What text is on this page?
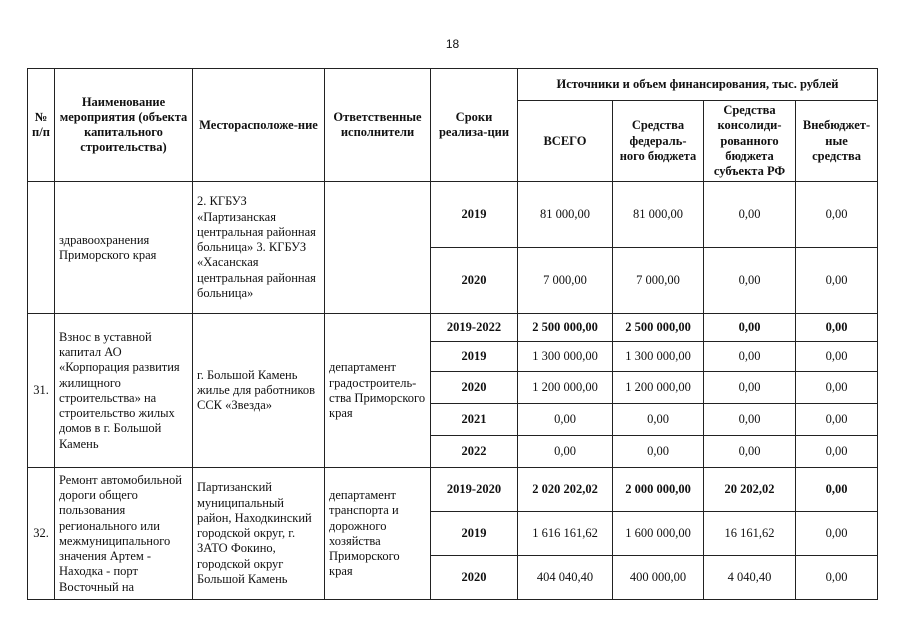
18
№ п/п	Наименование мероприятия (объекта капитального строительства)	Месторасположе-ние	Ответственные исполнители	Сроки реализа-ции	Источники и объем финансирования, тыс. рублей			
					ВСЕГО	Средства федераль-ного бюджета	Средства консолиди-рованного бюджета субъекта РФ	Внебюджет-ные средства
	здравоохранения Приморского края	2. КГБУЗ «Партизанская центральная районная больница» 3. КГБУЗ «Хасанская центральная районная больница»		2019	81 000,00	81 000,00	0,00	0,00
				2020	7 000,00	7 000,00	0,00	0,00
31.	Взнос в уставной капитал АО «Корпорация развития жилищного строительства» на строительство жилых домов в г. Большой Камень	г. Большой Камень жилье для работников ССК «Звезда»	департамент градостроитель-ства Приморского края	2019-2022	2 500 000,00	2 500 000,00	0,00	0,00
				2019	1 300 000,00	1 300 000,00	0,00	0,00
				2020	1 200 000,00	1 200 000,00	0,00	0,00
				2021	0,00	0,00	0,00	0,00
				2022	0,00	0,00	0,00	0,00
32.	Ремонт автомобильной дороги общего пользования регионального или межмуниципального значения Артем - Находка - порт Восточный на	Партизанский муниципальный район, Находкинский городской округ, г. ЗАТО Фокино, городской округ Большой Камень	департамент транспорта и дорожного хозяйства Приморского края	2019-2020	2 020 202,02	2 000 000,00	20 202,02	0,00
				2019	1 616 161,62	1 600 000,00	16 161,62	0,00
				2020	404 040,40	400 000,00	4 040,40	0,00
